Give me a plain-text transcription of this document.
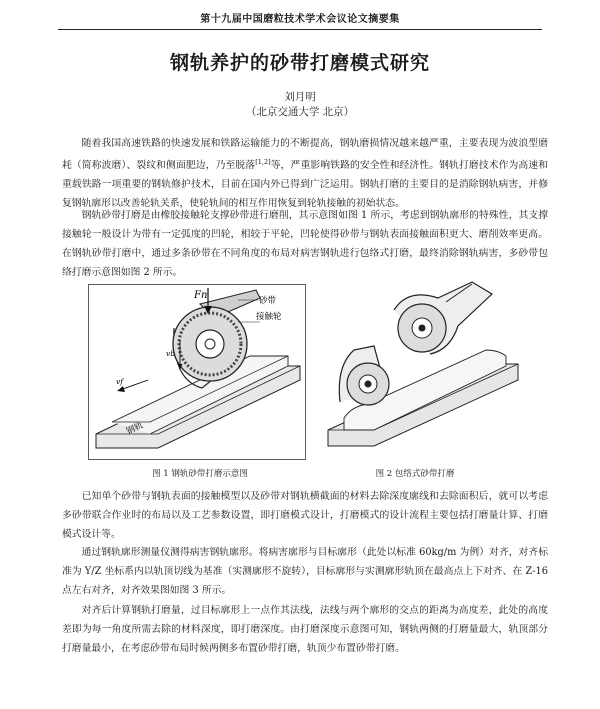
第十九届中国磨粒技术学术会议论文摘要集
钢轨养护的砂带打磨模式研究
刘月明
（北京交通大学 北京）

随着我国高速铁路的快速发展和铁路运输能力的不断提高，钢轨磨损情况越来越严重，主要表现为波浪型磨耗（简称波磨）、裂纹和侧面肥边，乃至脱落[1,2]等，严重影响铁路的安全性和经济性。钢轨打磨技术作为高速和重载铁路一项重要的钢轨修护技术，目前在国内外已得到广泛运用。钢轨打磨的主要目的是消除钢轨病害，并修复钢轨廓形以改善轮轨关系，使轮轨间的相互作用恢复到轮轨接触的初始状态。

钢轨砂带打磨是由橡胶接触轮支撑砂带进行磨削，其示意图如图 1 所示，考虑到钢轨廓形的特殊性，其支撑接触轮一般设计为带有一定弧度的凹轮，相较于平轮，凹轮使得砂带与钢轨表面接触面积更大、磨削效率更高。在钢轨砂带打磨中，通过多条砂带在不同角度的布局对病害钢轨进行包络式打磨，最终消除钢轨病害，多砂带包络打磨示意图如图 2 所示。

Fn	砂带
接触轮
vb
vf
钢轨
图 1 钢轨砂带打磨示意图	图 2 包络式砂带打磨

已知单个砂带与钢轨表面的接触模型以及砂带对钢轨横截面的材料去除深度廓线和去除面积后，就可以考虑多砂带联合作业时的布局以及工艺参数设置，即打磨模式设计，打磨模式的设计流程主要包括打磨量计算、打磨模式设计等。

通过钢轨廓形测量仪测得病害钢轨廓形。将病害廓形与目标廓形（此处以标准 60kg/m 为例）对齐，对齐标准为 Y/Z 坐标系内以轨顶切线为基准（实测廓形不旋转），目标廓形与实测廓形轨顶在最高点上下对齐、在 Z-16 点左右对齐，对齐效果图如图 3 所示。

对齐后计算钢轨打磨量，过目标廓形上一点作其法线，法线与两个廓形的交点的距离为高度差，此处的高度差即为每一角度所需去除的材料深度，即打磨深度。由打磨深度示意图可知，钢轨两侧的打磨量最大，轨顶部分打磨量最小，在考虑砂带布局时候两侧多布置砂带打磨，轨顶少布置砂带打磨。
